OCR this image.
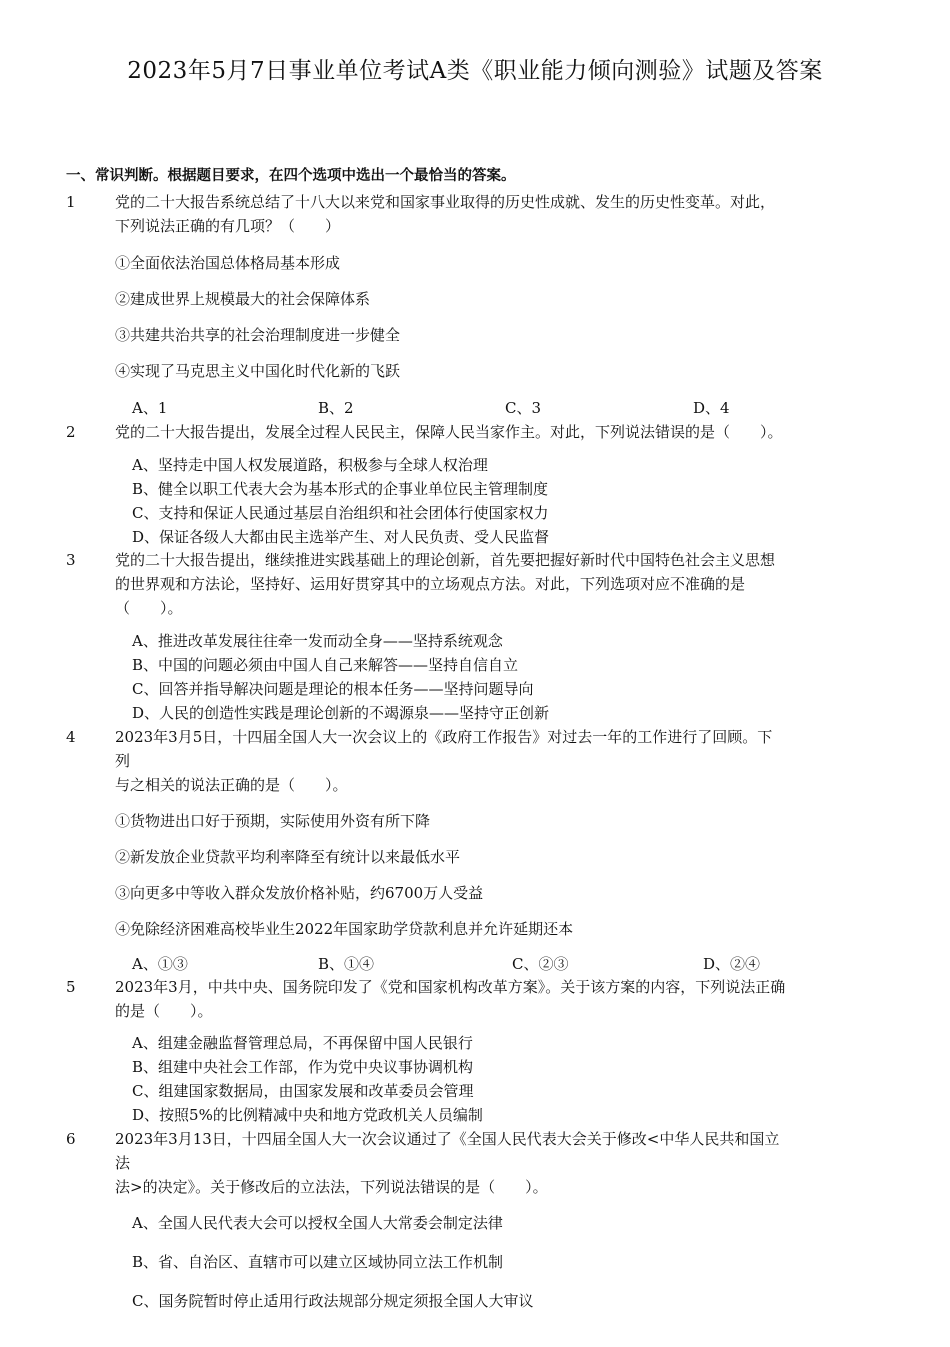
2023年5月7日事业单位考试A类《职业能力倾向测验》试题及答案
一、常识判断。根据题目要求，在四个选项中选出一个最恰当的答案。
1	党的二十大报告系统总结了十八大以来党和国家事业取得的历史性成就、发生的历史性变革。对此，
下列说法正确的有几项？（　　）
①全面依法治国总体格局基本形成
②建成世界上规模最大的社会保障体系
③共建共治共享的社会治理制度进一步健全
④实现了马克思主义中国化时代化新的飞跃
A、1	B、2	C、3	D、4
2	党的二十大报告提出，发展全过程人民民主，保障人民当家作主。对此，下列说法错误的是（　　）。
A、坚持走中国人权发展道路，积极参与全球人权治理
B、健全以职工代表大会为基本形式的企事业单位民主管理制度
C、支持和保证人民通过基层自治组织和社会团体行使国家权力
D、保证各级人大都由民主选举产生、对人民负责、受人民监督
3	党的二十大报告提出，继续推进实践基础上的理论创新，首先要把握好新时代中国特色社会主义思想
的世界观和方法论，坚持好、运用好贯穿其中的立场观点方法。对此，下列选项对应不准确的是
（　　）。
A、推进改革发展往往牵一发而动全身——坚持系统观念
B、中国的问题必须由中国人自己来解答——坚持自信自立
C、回答并指导解决问题是理论的根本任务——坚持问题导向
D、人民的创造性实践是理论创新的不竭源泉——坚持守正创新
4	2023年3月5日，十四届全国人大一次会议上的《政府工作报告》对过去一年的工作进行了回顾。下
列
与之相关的说法正确的是（　　）。
①货物进出口好于预期，实际使用外资有所下降
②新发放企业贷款平均利率降至有统计以来最低水平
③向更多中等收入群众发放价格补贴，约6700万人受益
④免除经济困难高校毕业生2022年国家助学贷款利息并允许延期还本
A、①③	B、①④	C、②③	D、②④
5	2023年3月，中共中央、国务院印发了《党和国家机构改革方案》。关于该方案的内容，下列说法正确
的是（　　）。
A、组建金融监督管理总局，不再保留中国人民银行
B、组建中央社会工作部，作为党中央议事协调机构
C、组建国家数据局，由国家发展和改革委员会管理
D、按照5%的比例精减中央和地方党政机关人员编制
6	2023年3月13日，十四届全国人大一次会议通过了《全国人民代表大会关于修改<中华人民共和国立
法
法>的决定》。关于修改后的立法法，下列说法错误的是（　　）。
A、全国人民代表大会可以授权全国人大常委会制定法律
B、省、自治区、直辖市可以建立区域协同立法工作机制
C、国务院暂时停止适用行政法规部分规定须报全国人大审议
